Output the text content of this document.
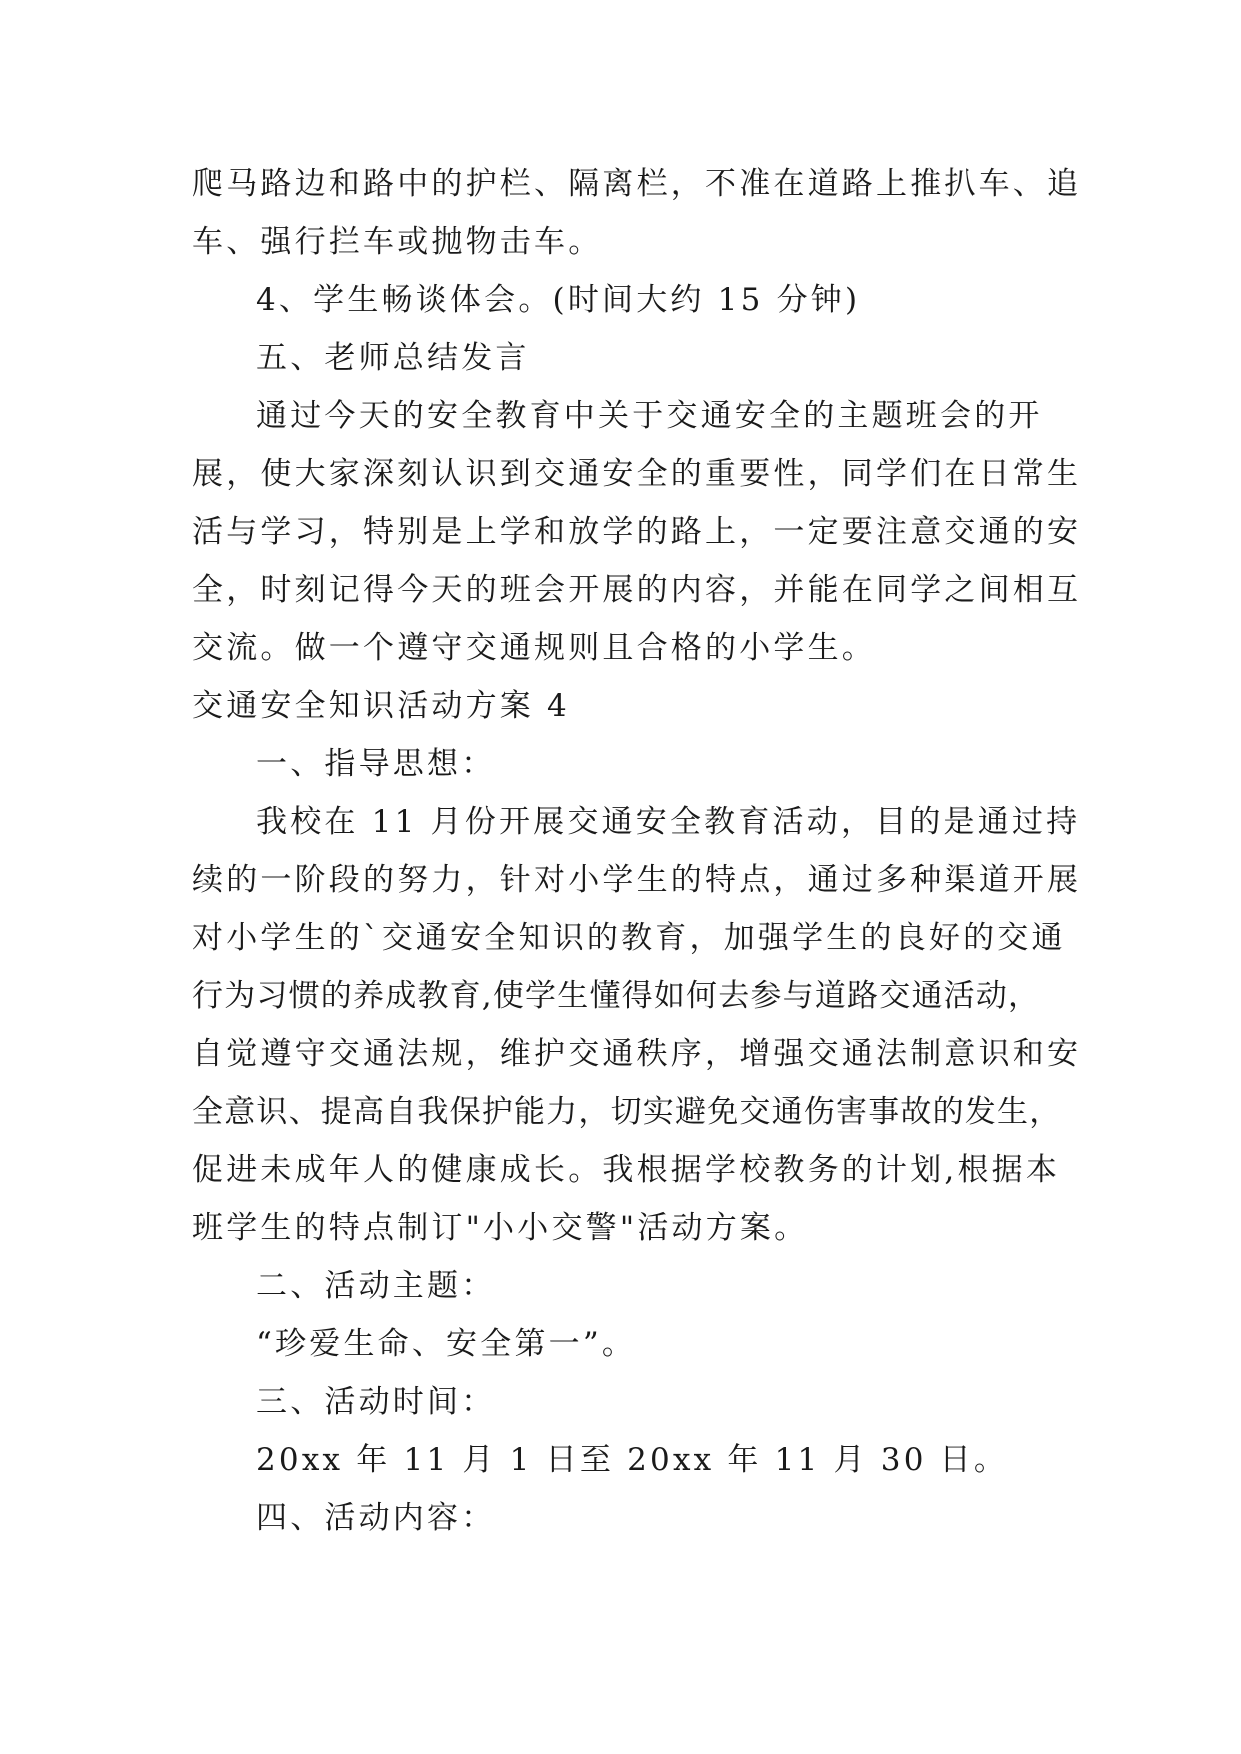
爬马路边和路中的护栏、隔离栏，不准在道路上推扒车、追
车、强行拦车或抛物击车。
4、学生畅谈体会。(时间大约 15 分钟)
五、老师总结发言
通过今天的安全教育中关于交通安全的主题班会的开
展，使大家深刻认识到交通安全的重要性，同学们在日常生
活与学习，特别是上学和放学的路上，一定要注意交通的安
全，时刻记得今天的班会开展的内容，并能在同学之间相互
交流。做一个遵守交通规则且合格的小学生。
交通安全知识活动方案 4
一、指导思想：
我校在 11 月份开展交通安全教育活动，目的是通过持
续的一阶段的努力，针对小学生的特点，通过多种渠道开展
对小学生的`交通安全知识的教育，加强学生的良好的交通
行为习惯的养成教育,使学生懂得如何去参与道路交通活动，
自觉遵守交通法规，维护交通秩序，增强交通法制意识和安
全意识、提高自我保护能力，切实避免交通伤害事故的发生，
促进未成年人的健康成长。我根据学校教务的计划,根据本
班学生的特点制订"小小交警"活动方案。
二、活动主题：
“珍爱生命、安全第一”。
三、活动时间：
20xx 年 11 月 1 日至 20xx 年 11 月 30 日。
四、活动内容：
